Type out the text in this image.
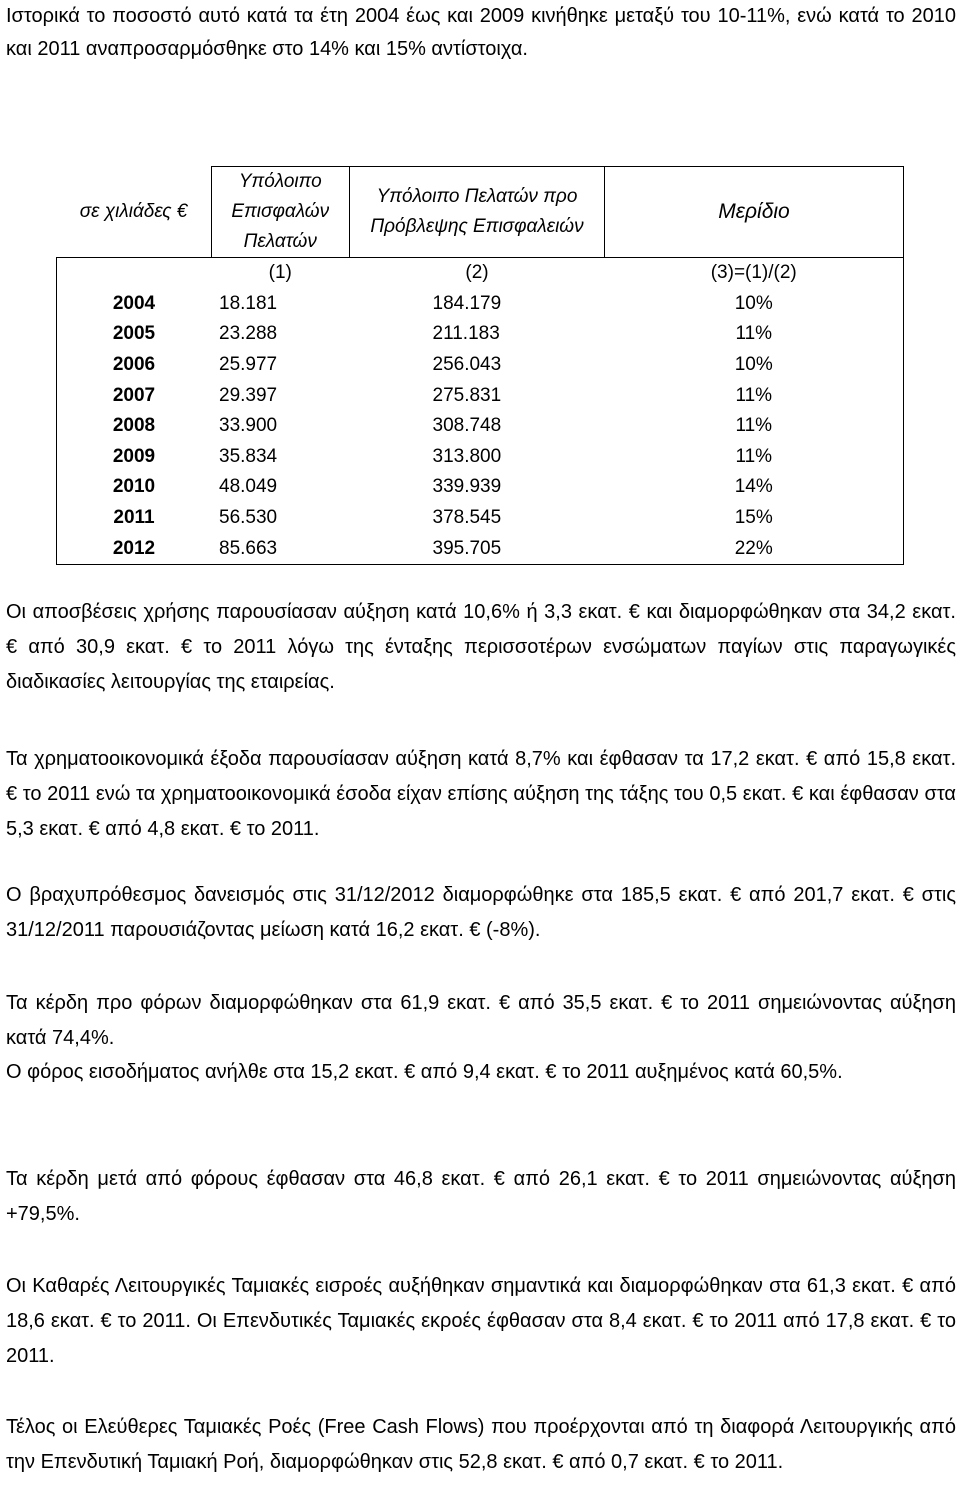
Ιστορικά το ποσοστό αυτό κατά τα έτη 2004 έως και 2009 κινήθηκε μεταξύ του 10-11%, ενώ κατά το 2010 και 2011 αναπροσαρμόσθηκε στο 14% και 15% αντίστοιχα.

σε χιλιάδες €	Υπόλοιπο Επισφαλών Πελατών	Υπόλοιπο Πελατών προ Πρόβλεψης Επισφαλειών	Μερίδιο
	(1)	(2)	(3)=(1)/(2)
2004	18.181	184.179	10%
2005	23.288	211.183	11%
2006	25.977	256.043	10%
2007	29.397	275.831	11%
2008	33.900	308.748	11%
2009	35.834	313.800	11%
2010	48.049	339.939	14%
2011	56.530	378.545	15%
2012	85.663	395.705	22%

Οι αποσβέσεις χρήσης παρουσίασαν αύξηση κατά 10,6% ή 3,3 εκατ. € και διαμορφώθηκαν στα 34,2 εκατ. € από 30,9 εκατ. € το 2011 λόγω της ένταξης περισσοτέρων ενσώματων παγίων στις παραγωγικές διαδικασίες λειτουργίας της εταιρείας.

Τα χρηματοοικονομικά έξοδα παρουσίασαν αύξηση κατά 8,7% και έφθασαν τα 17,2 εκατ. € από 15,8 εκατ. € το 2011 ενώ τα χρηματοοικονομικά έσοδα είχαν επίσης αύξηση της τάξης του 0,5 εκατ. € και έφθασαν στα 5,3 εκατ. € από 4,8 εκατ. € το 2011.

Ο βραχυπρόθεσμος δανεισμός στις 31/12/2012 διαμορφώθηκε στα 185,5 εκατ. € από 201,7 εκατ. € στις 31/12/2011 παρουσιάζοντας μείωση κατά 16,2 εκατ. € (-8%).

Τα κέρδη προ φόρων διαμορφώθηκαν στα 61,9 εκατ. € από 35,5 εκατ. € το 2011 σημειώνοντας αύξηση κατά 74,4%.

Ο φόρος εισοδήματος ανήλθε στα 15,2 εκατ. € από 9,4 εκατ. € το 2011 αυξημένος κατά 60,5%.

Τα κέρδη μετά από φόρους έφθασαν στα 46,8 εκατ. € από 26,1 εκατ. € το 2011 σημειώνοντας αύξηση +79,5%.

Οι Καθαρές Λειτουργικές Ταμιακές εισροές αυξήθηκαν σημαντικά και διαμορφώθηκαν στα 61,3 εκατ. € από 18,6 εκατ. € το 2011. Οι Επενδυτικές Ταμιακές εκροές έφθασαν στα 8,4 εκατ. € το 2011 από 17,8 εκατ. € το 2011.

Τέλος οι Ελεύθερες Ταμιακές Ροές (Free Cash Flows) που προέρχονται από τη διαφορά Λειτουργικής από την Επενδυτική Ταμιακή Ροή, διαμορφώθηκαν στις 52,8 εκατ. € από 0,7 εκατ. € το 2011.
